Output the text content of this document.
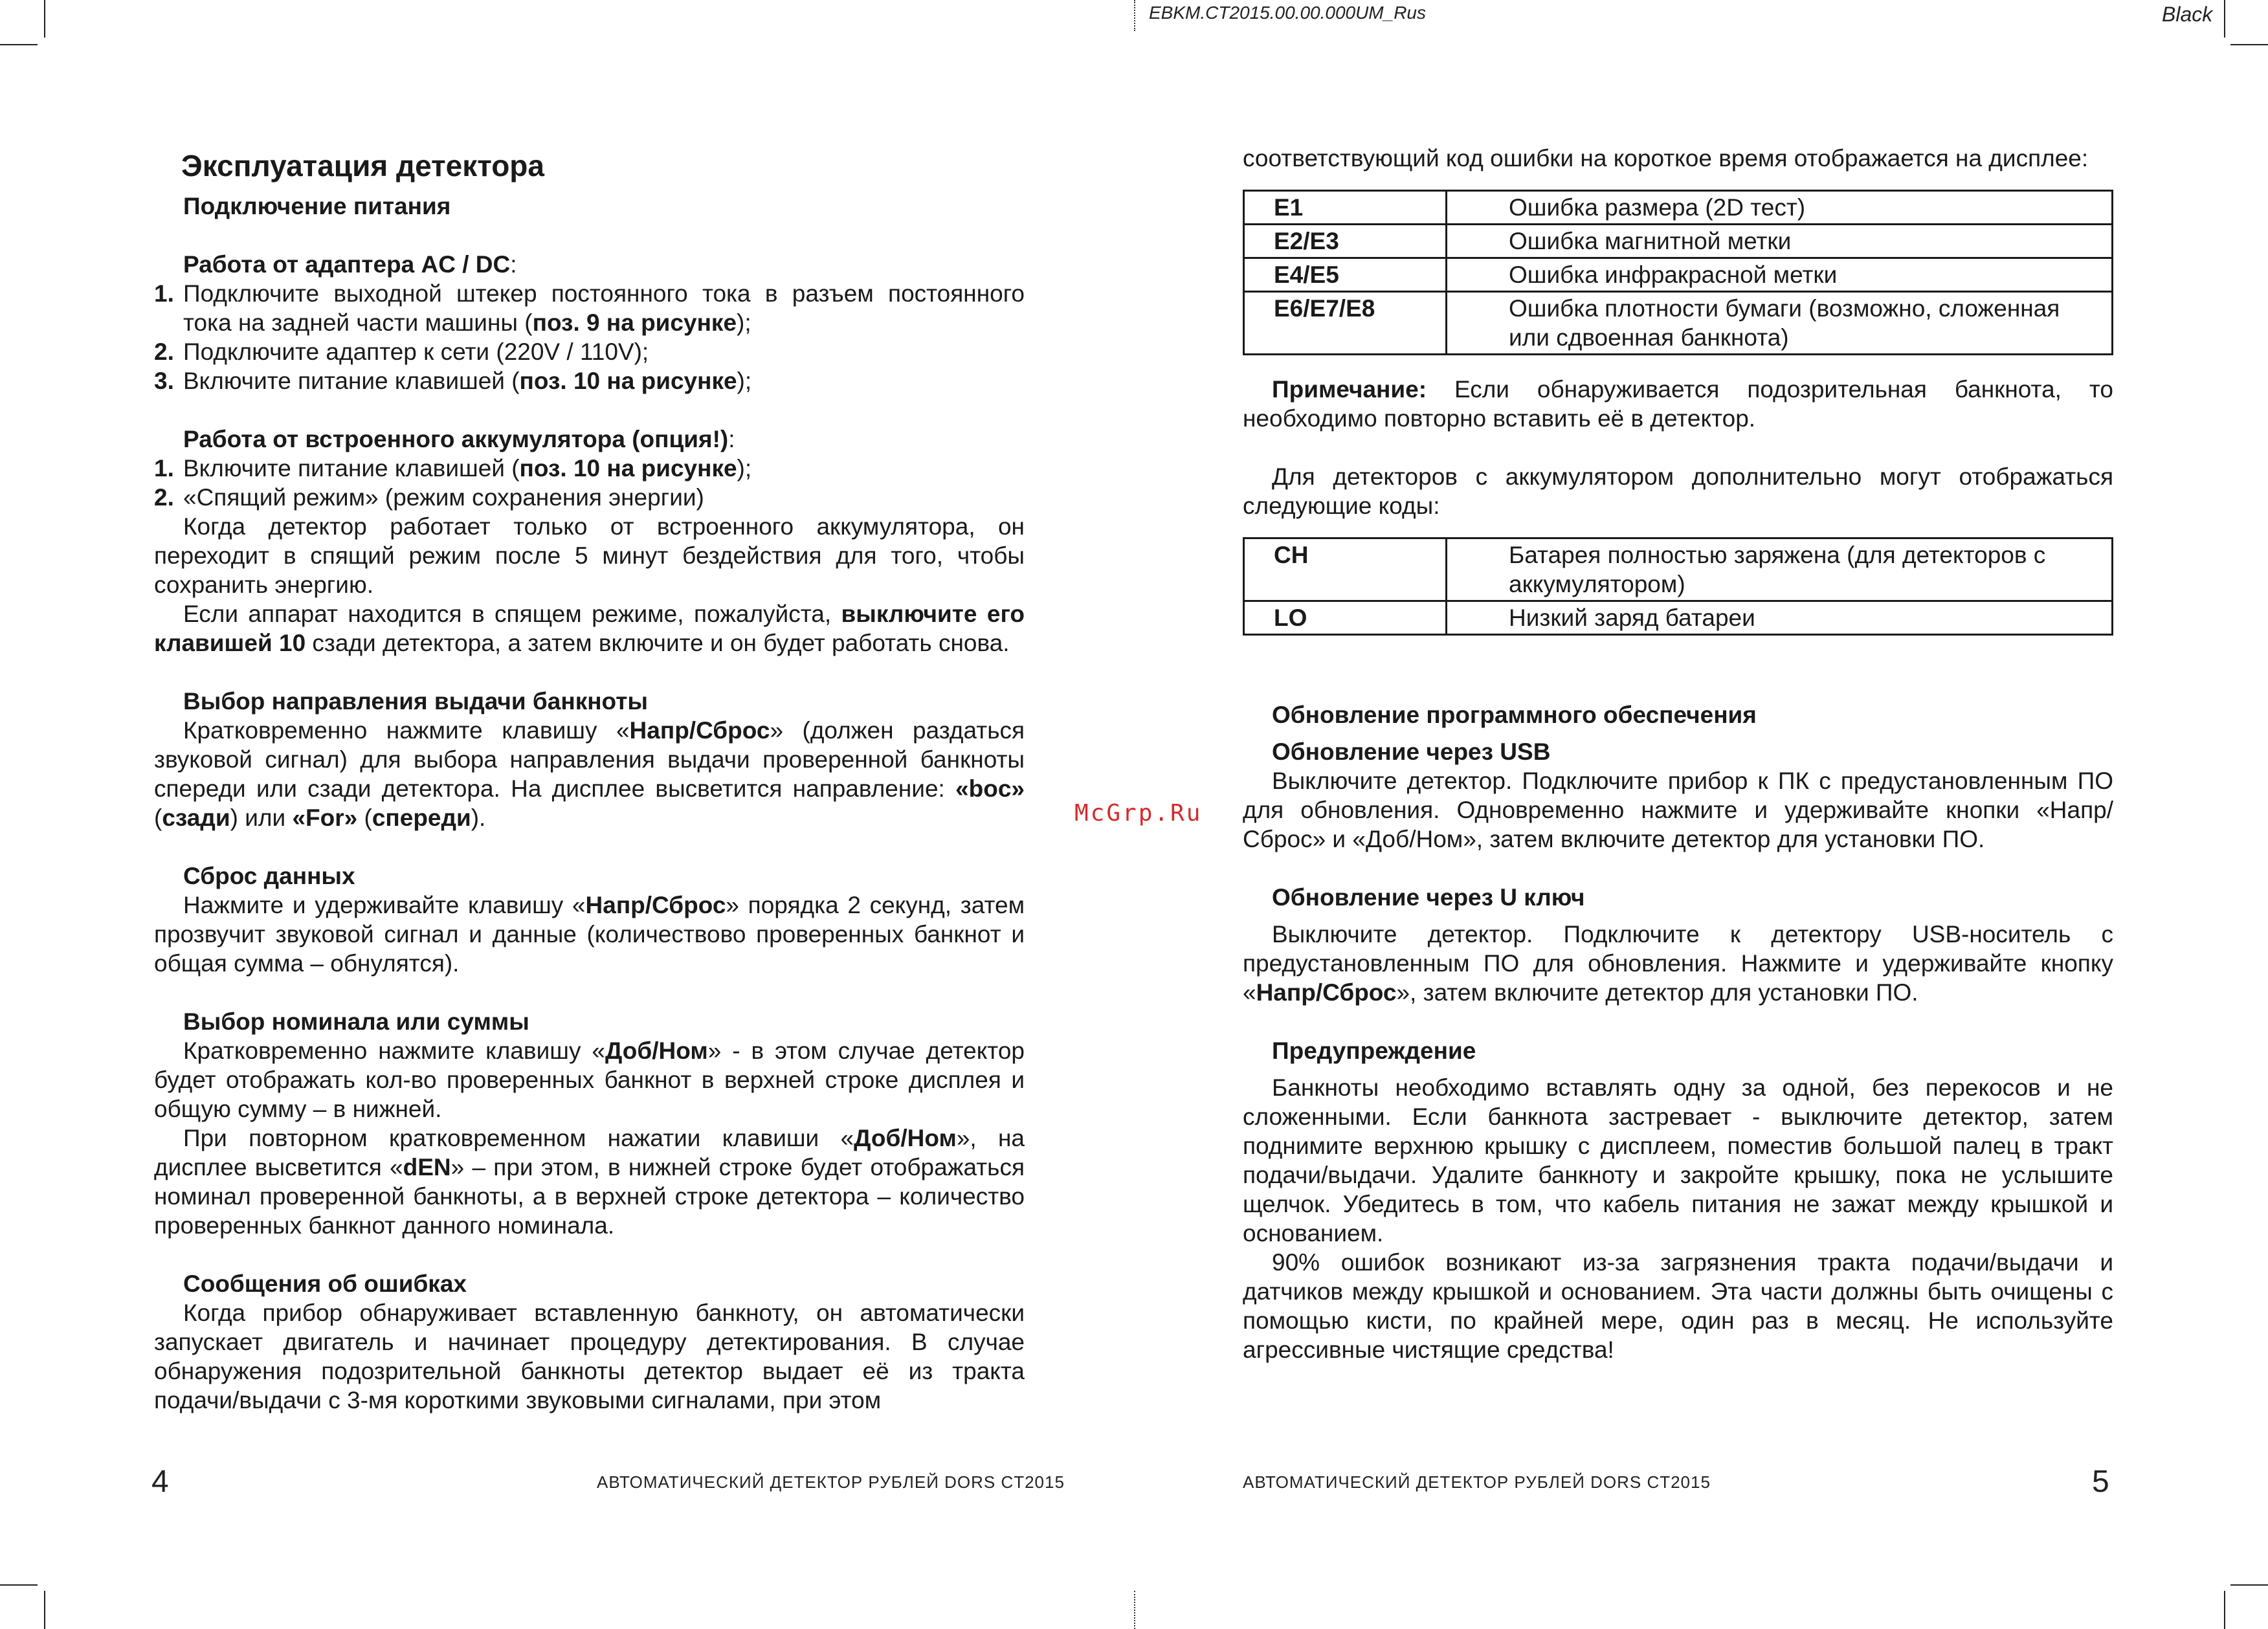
EBKM.CT2015.00.00.000UM_Rus	Black
McGrp.Ru
Эксплуатация детектора
Подключение питания
Работа от адаптера AC / DC:
1. Подключите выходной штекер постоянного тока в разъем постоянного тока на задней части машины (поз. 9 на рисунке);
2. Подключите адаптер к сети (220V / 110V);
3. Включите питание клавишей (поз. 10 на рисунке);
Работа от встроенного аккумулятора (опция!):
1. Включите питание клавишей (поз. 10 на рисунке);
2. «Спящий режим» (режим сохранения энергии)
Когда детектор работает только от встроенного аккумулятора, он переходит в спящий режим после 5 минут бездействия для того, чтобы сохранить энергию.
Если аппарат находится в спящем режиме, пожалуйста, выключите его клавишей 10 сзади детектора, а затем включите и он будет работать снова.
Выбор направления выдачи банкноты
Кратковременно нажмите клавишу «Напр/Сброс» (должен раздаться звуковой сигнал) для выбора направления выдачи проверенной банкноты спереди или сзади детектора. На дисплее высветится направление: «boc» (сзади) или «For» (спереди).
Сброс данных
Нажмите и удерживайте клавишу «Напр/Сброс» порядка 2 секунд, затем прозвучит звуковой сигнал и данные (количествово проверенных банкнот и общая сумма – обнулятся).
Выбор номинала или суммы
Кратковременно нажмите клавишу «Доб/Ном» - в этом случае детектор будет отображать кол-во проверенных банкнот в верхней строке дисплея и общую сумму – в нижней.
При повторном кратковременном нажатии клавиши «Доб/Ном», на дисплее высветится «dEN» – при этом, в нижней строке будет отображаться номинал проверенной банкноты, а в верхней строке детектора – количество проверенных банкнот данного номинала.
Сообщения об ошибках
Когда прибор обнаруживает вставленную банкноту, он автоматически запускает двигатель и начинает процедуру детектирования. В случае обнаружения подозрительной банкноты детектор выдает её из тракта подачи/выдачи с 3-мя короткими звуковыми сигналами, при этом
4	АВТОМАТИЧЕСКИЙ ДЕТЕКТОР РУБЛЕЙ DORS CT2015
соответствующий код ошибки на короткое время отображается на дисплее:
E1	Ошибка размера (2D тест)
E2/E3	Ошибка магнитной метки
E4/E5	Ошибка инфракрасной метки
E6/E7/E8	Ошибка плотности бумаги (возможно, сложенная или сдвоенная банкнота)
Примечание: Если обнаруживается подозрительная банкнота, то необходимо повторно вставить её в детектор.
Для детекторов с аккумулятором дополнительно могут отображаться следующие коды:
CH	Батарея полностью заряжена (для детекторов с аккумулятором)
LO	Низкий заряд батареи
Обновление программного обеспечения
Обновление через USB
Выключите детектор. Подключите прибор к ПК с предустановленным ПО для обновления. Одновременно нажмите и удерживайте кнопки «Напр/Сброс» и «Доб/Ном», затем включите детектор для установки ПО.
Обновление через U ключ
Выключите детектор. Подключите к детектору USB-носитель с предустановленным ПО для обновления. Нажмите и удерживайте кнопку «Напр/Сброс», затем включите детектор для установки ПО.
Предупреждение
Банкноты необходимо вставлять одну за одной, без перекосов и не сложенными. Если банкнота застревает - выключите детектор, затем поднимите верхнюю крышку с дисплеем, поместив большой палец в тракт подачи/выдачи. Удалите банкноту и закройте крышку, пока не услышите щелчок. Убедитесь в том, что кабель питания не зажат между крышкой и основанием.
90% ошибок возникают из-за загрязнения тракта подачи/выдачи и датчиков между крышкой и основанием. Эта части должны быть очищены с помощью кисти, по крайней мере, один раз в месяц. Не используйте агрессивные чистящие средства!
АВТОМАТИЧЕСКИЙ ДЕТЕКТОР РУБЛЕЙ DORS CT2015	5
